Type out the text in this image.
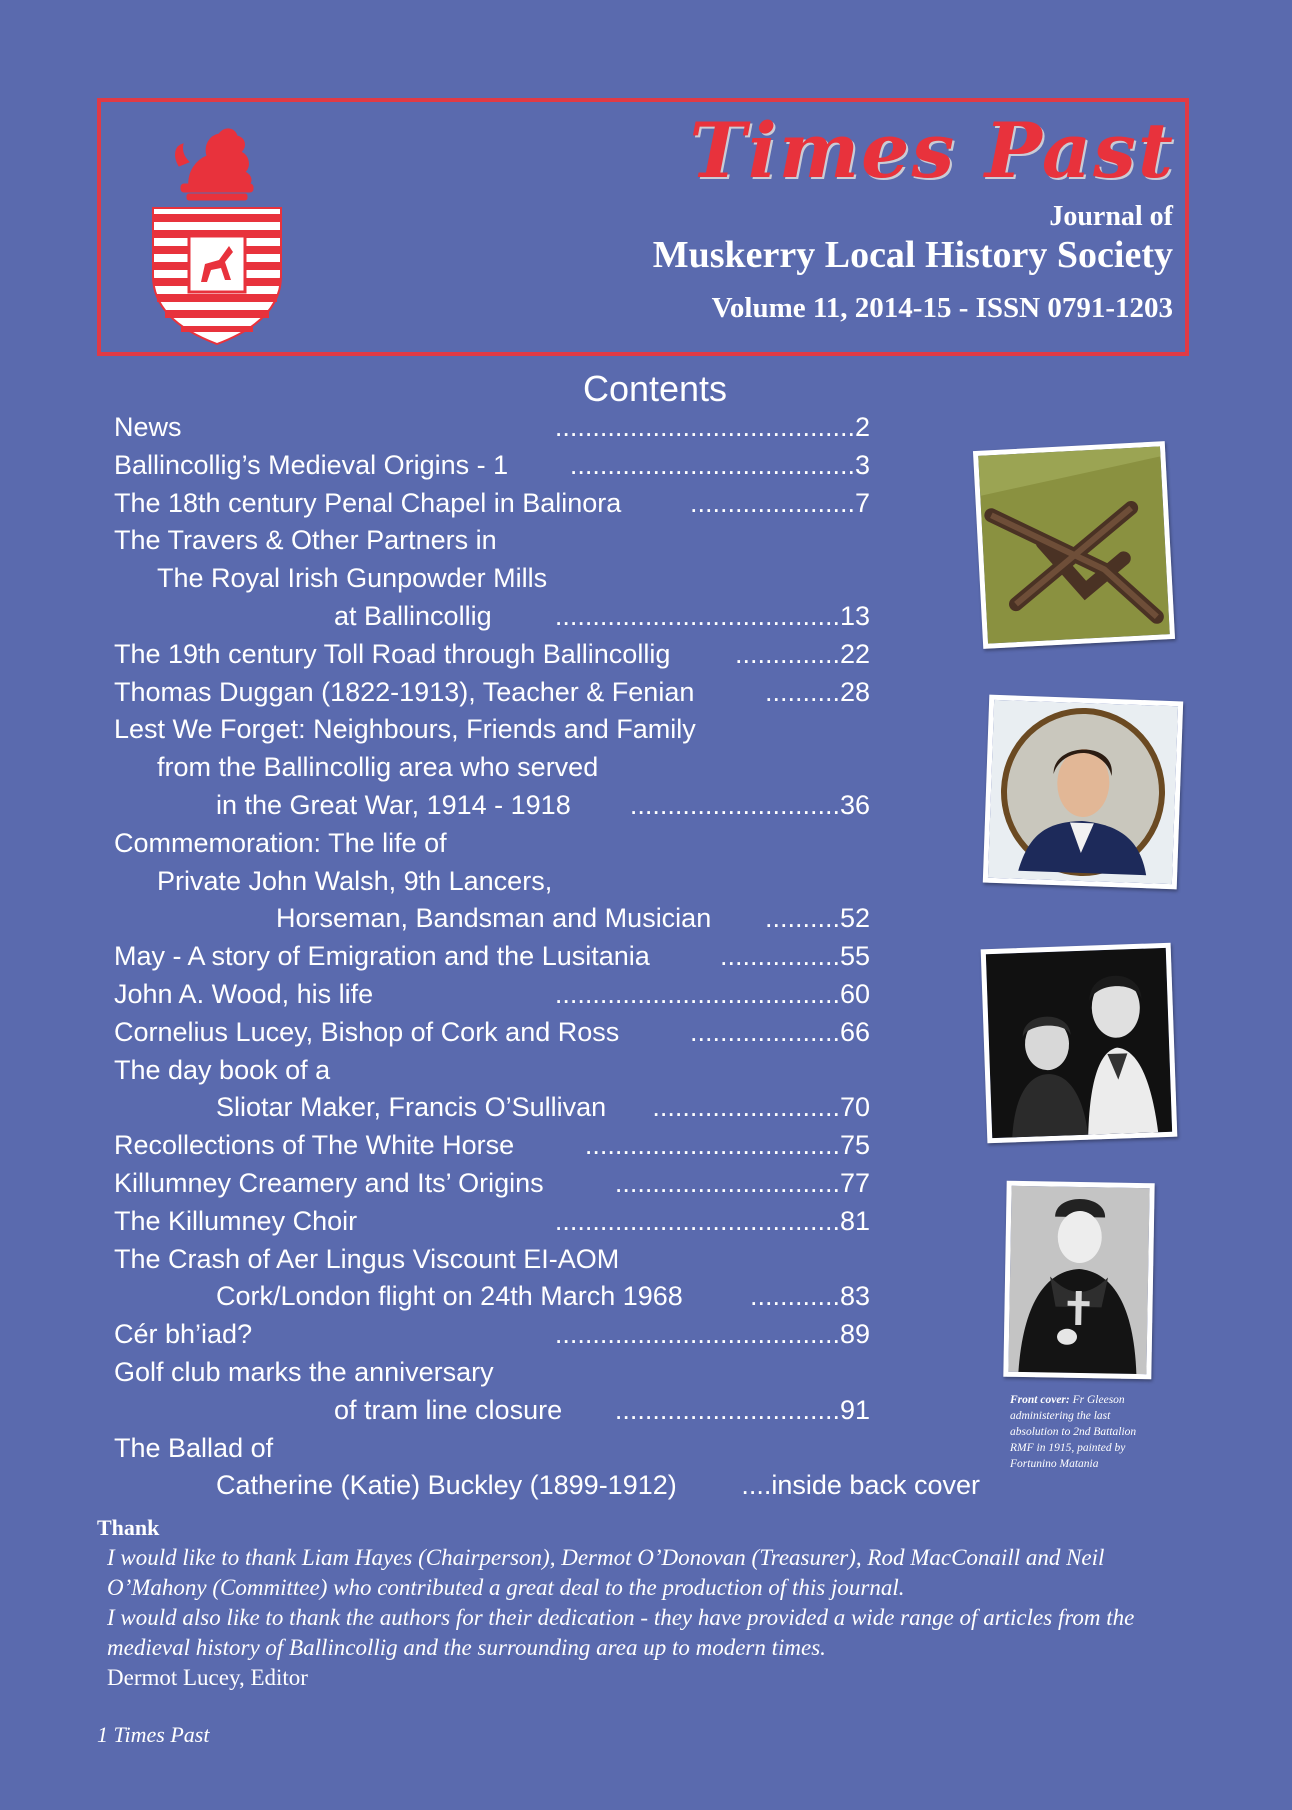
Times Past
Journal of
Muskerry Local History Society
Volume 11, 2014-15 - ISSN 0791-1203
Contents
News	........................................2
Ballincollig’s Medieval Origins - 1	......................................3
The 18th century Penal Chapel in Balinora	......................7
The Travers & Other Partners in
The Royal Irish Gunpowder Mills
at Ballincollig	......................................13
The 19th century Toll Road through Ballincollig	..............22
Thomas Duggan (1822-1913), Teacher & Fenian	..........28
Lest We Forget: Neighbours, Friends and Family
from the Ballincollig area who served
in the Great War, 1914 - 1918	............................36
Commemoration: The life of
Private John Walsh, 9th Lancers,
Horseman, Bandsman and Musician	..........52
May - A story of Emigration and the Lusitania	................55
John A. Wood, his life	......................................60
Cornelius Lucey, Bishop of Cork and Ross	....................66
The day book of a
Sliotar Maker, Francis O’Sullivan	.........................70
Recollections of The White Horse	..................................75
Killumney Creamery and Its’ Origins	..............................77
The Killumney Choir	......................................81
The Crash of Aer Lingus Viscount EI-AOM
Cork/London flight on 24th March 1968	............83
Cér bh’iad?	......................................89
Golf club marks the anniversary
of tram line closure	..............................91
The Ballad of
Catherine (Katie) Buckley (1899-1912)	....inside back cover
Front cover: Fr Gleeson administering the last absolution to 2nd Battalion RMF in 1915, painted by Fortunino Matania
Thank
I would like to thank Liam Hayes (Chairperson), Dermot O’Donovan (Treasurer), Rod MacConaill and Neil O’Mahony (Committee) who contributed a great deal to the production of this journal.
I would also like to thank the authors for their dedication - they have provided a wide range of articles from the medieval history of Ballincollig and the surrounding area up to modern times.
Dermot Lucey, Editor
1 Times Past
